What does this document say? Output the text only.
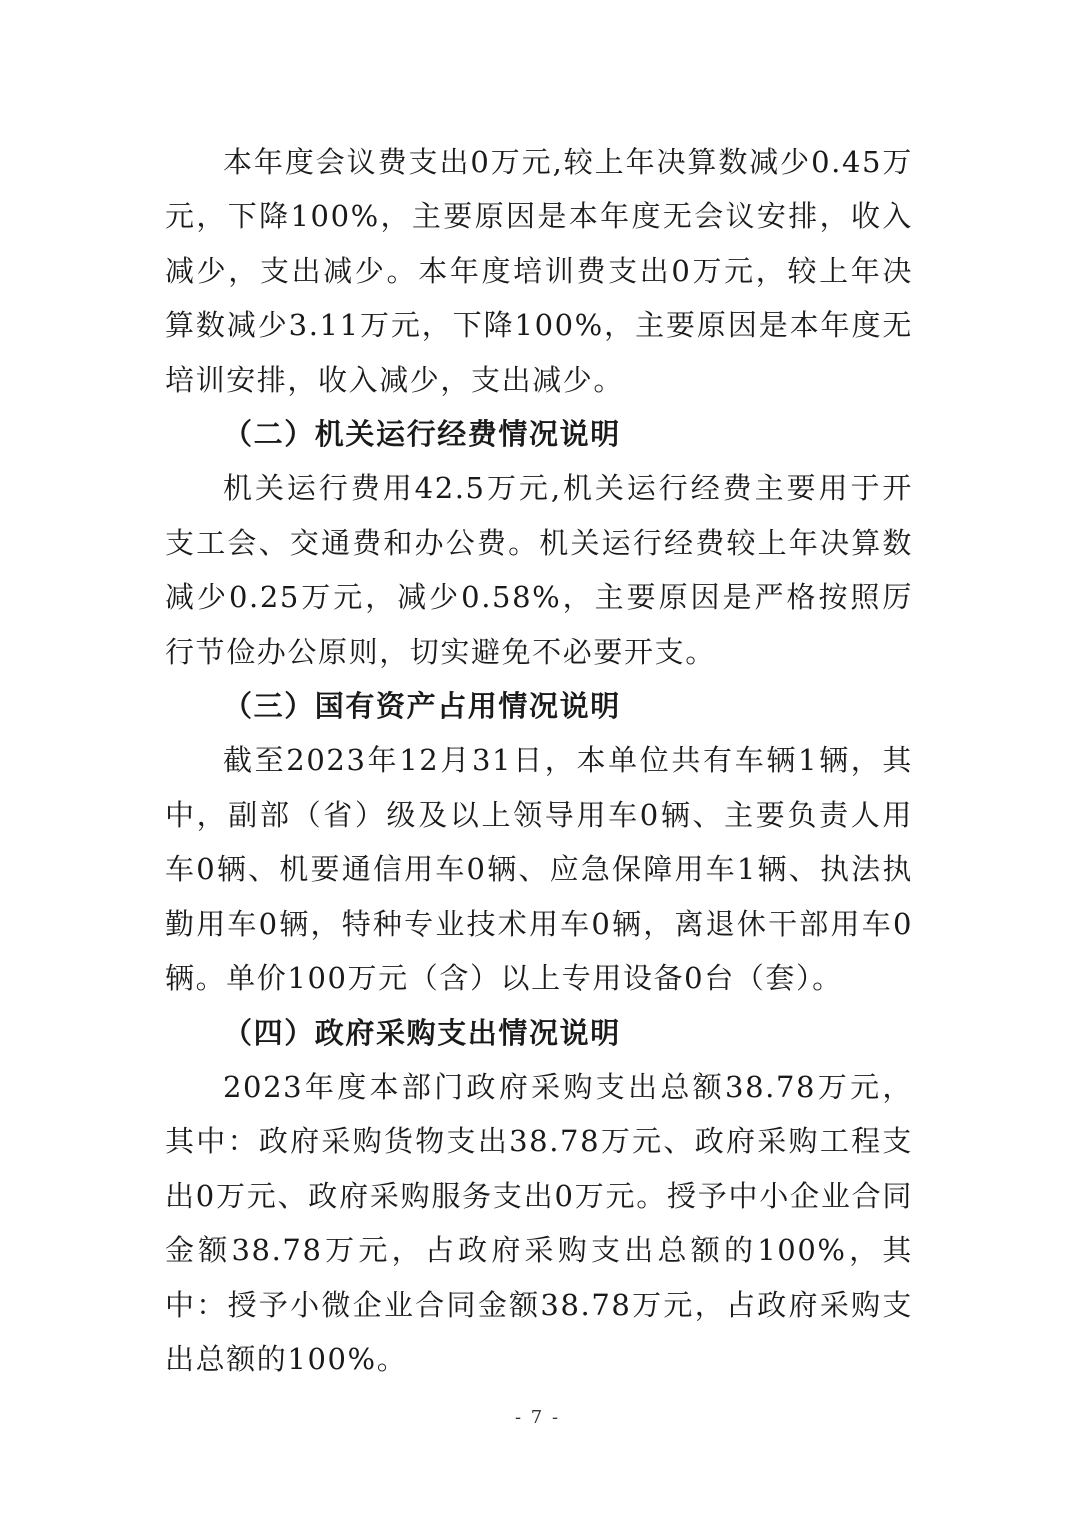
本年度会议费支出0万元,较上年决算数减少0.45万元，下降100%，主要原因是本年度无会议安排，收入减少，支出减少。本年度培训费支出0万元，较上年决算数减少3.11万元，下降100%，主要原因是本年度无培训安排，收入减少，支出减少。

（二）机关运行经费情况说明

机关运行费用42.5万元,机关运行经费主要用于开支工会、交通费和办公费。机关运行经费较上年决算数减少0.25万元，减少0.58%，主要原因是严格按照厉行节俭办公原则，切实避免不必要开支。

（三）国有资产占用情况说明

截至2023年12月31日，本单位共有车辆1辆，其中，副部（省）级及以上领导用车0辆、主要负责人用车0辆、机要通信用车0辆、应急保障用车1辆、执法执勤用车0辆，特种专业技术用车0辆，离退休干部用车0辆。单价100万元（含）以上专用设备0台（套）。

（四）政府采购支出情况说明

2023年度本部门政府采购支出总额38.78万元，其中：政府采购货物支出38.78万元、政府采购工程支出0万元、政府采购服务支出0万元。授予中小企业合同金额38.78万元，占政府采购支出总额的100%，其中：授予小微企业合同金额38.78万元，占政府采购支出总额的100%。

- 7 -
